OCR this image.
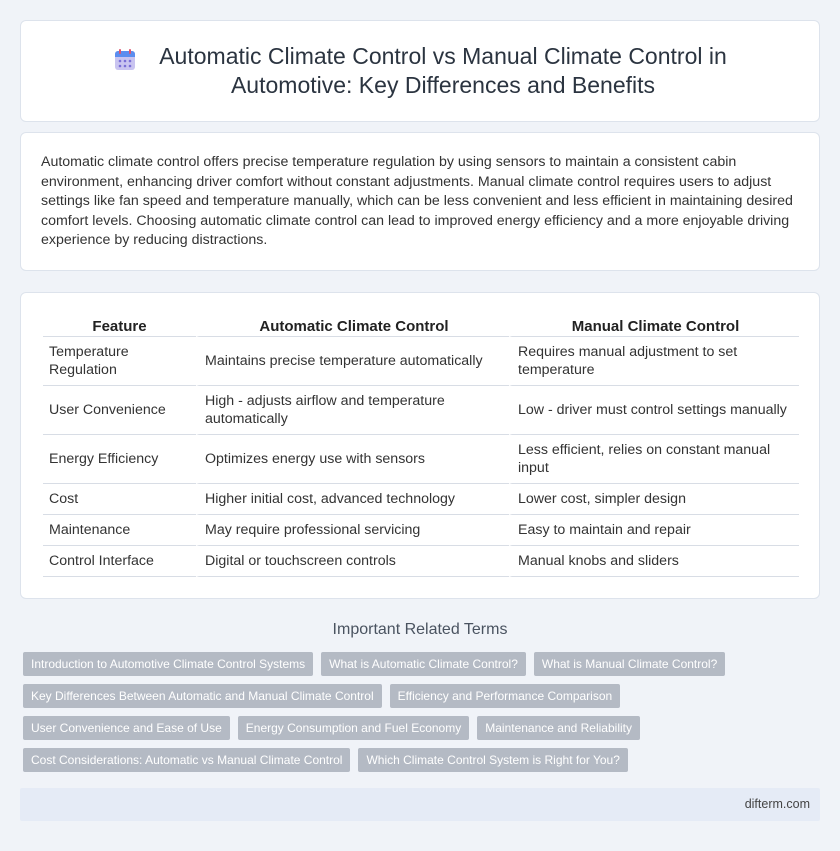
Automatic Climate Control vs Manual Climate Control in
Automotive: Key Differences and Benefits

Automatic climate control offers precise temperature regulation by using sensors to maintain a consistent cabin environment, enhancing driver comfort without constant adjustments. Manual climate control requires users to adjust settings like fan speed and temperature manually, which can be less convenient and less efficient in maintaining desired comfort levels. Choosing automatic climate control can lead to improved energy efficiency and a more enjoyable driving experience by reducing distractions.

Feature	Automatic Climate Control	Manual Climate Control
Temperature Regulation	Maintains precise temperature automatically	Requires manual adjustment to set temperature
User Convenience	High - adjusts airflow and temperature automatically	Low - driver must control settings manually
Energy Efficiency	Optimizes energy use with sensors	Less efficient, relies on constant manual input
Cost	Higher initial cost, advanced technology	Lower cost, simpler design
Maintenance	May require professional servicing	Easy to maintain and repair
Control Interface	Digital or touchscreen controls	Manual knobs and sliders
Important Related Terms
Introduction to Automotive Climate Control Systems	What is Automatic Climate Control?	What is Manual Climate Control?
Key Differences Between Automatic and Manual Climate Control	Efficiency and Performance Comparison
User Convenience and Ease of Use	Energy Consumption and Fuel Economy	Maintenance and Reliability
Cost Considerations: Automatic vs Manual Climate Control	Which Climate Control System is Right for You?
difterm.com
